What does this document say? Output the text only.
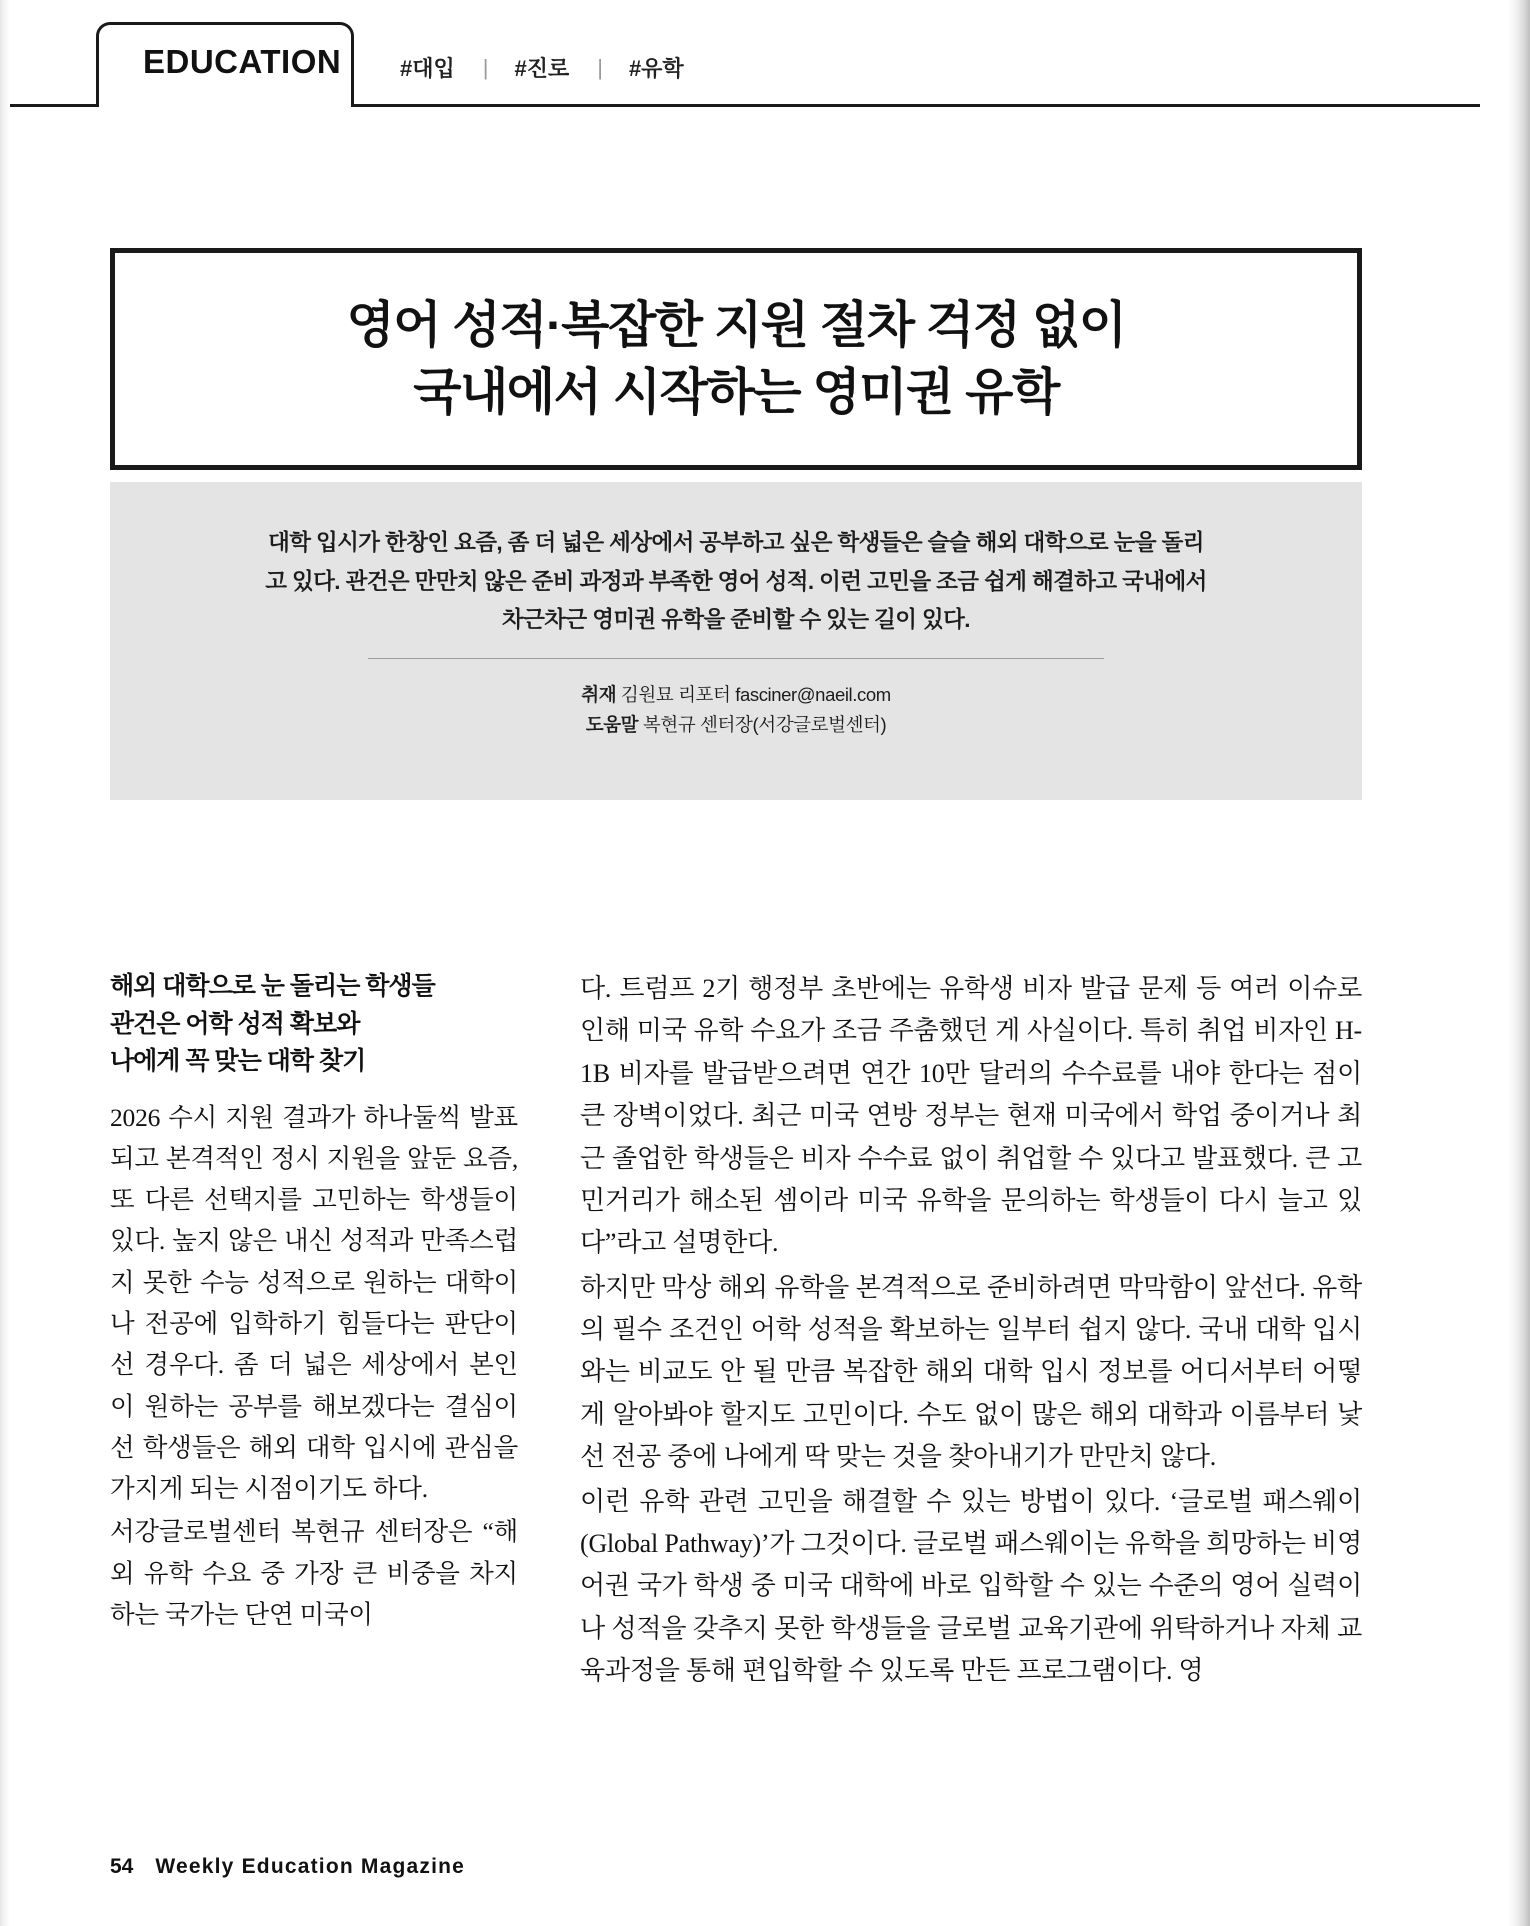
EDUCATION	#대입	|	#진로	|	#유학
영어 성적·복잡한 지원 절차 걱정 없이
국내에서 시작하는 영미권 유학
대학 입시가 한창인 요즘, 좀 더 넓은 세상에서 공부하고 싶은 학생들은 슬슬 해외 대학으로 눈을 돌리고 있다. 관건은 만만치 않은 준비 과정과 부족한 영어 성적. 이런 고민을 조금 쉽게 해결하고 국내에서 차근차근 영미권 유학을 준비할 수 있는 길이 있다.
취재 김원묘 리포터 fasciner@naeil.com
도움말 복현규 센터장(서강글로벌센터)
해외 대학으로 눈 돌리는 학생들
관건은 어학 성적 확보와
나에게 꼭 맞는 대학 찾기

2026 수시 지원 결과가 하나둘씩 발표되고 본격적인 정시 지원을 앞둔 요즘, 또 다른 선택지를 고민하는 학생들이 있다. 높지 않은 내신 성적과 만족스럽지 못한 수능 성적으로 원하는 대학이나 전공에 입학하기 힘들다는 판단이 선 경우다. 좀 더 넓은 세상에서 본인이 원하는 공부를 해보겠다는 결심이 선 학생들은 해외 대학 입시에 관심을 가지게 되는 시점이기도 하다.

서강글로벌센터 복현규 센터장은 “해외 유학 수요 중 가장 큰 비중을 차지하는 국가는 단연 미국이

다. 트럼프 2기 행정부 초반에는 유학생 비자 발급 문제 등 여러 이슈로 인해 미국 유학 수요가 조금 주춤했던 게 사실이다. 특히 취업 비자인 H-1B 비자를 발급받으려면 연간 10만 달러의 수수료를 내야 한다는 점이 큰 장벽이었다. 최근 미국 연방 정부는 현재 미국에서 학업 중이거나 최근 졸업한 학생들은 비자 수수료 없이 취업할 수 있다고 발표했다. 큰 고민거리가 해소된 셈이라 미국 유학을 문의하는 학생들이 다시 늘고 있다”라고 설명한다.

하지만 막상 해외 유학을 본격적으로 준비하려면 막막함이 앞선다. 유학의 필수 조건인 어학 성적을 확보하는 일부터 쉽지 않다. 국내 대학 입시와는 비교도 안 될 만큼 복잡한 해외 대학 입시 정보를 어디서부터 어떻게 알아봐야 할지도 고민이다. 수도 없이 많은 해외 대학과 이름부터 낯선 전공 중에 나에게 딱 맞는 것을 찾아내기가 만만치 않다.

이런 유학 관련 고민을 해결할 수 있는 방법이 있다. ‘글로벌 패스웨이(Global Pathway)’가 그것이다. 글로벌 패스웨이는 유학을 희망하는 비영어권 국가 학생 중 미국 대학에 바로 입학할 수 있는 수준의 영어 실력이나 성적을 갖추지 못한 학생들을 글로벌 교육기관에 위탁하거나 자체 교육과정을 통해 편입학할 수 있도록 만든 프로그램이다. 영

54 Weekly Education Magazine
